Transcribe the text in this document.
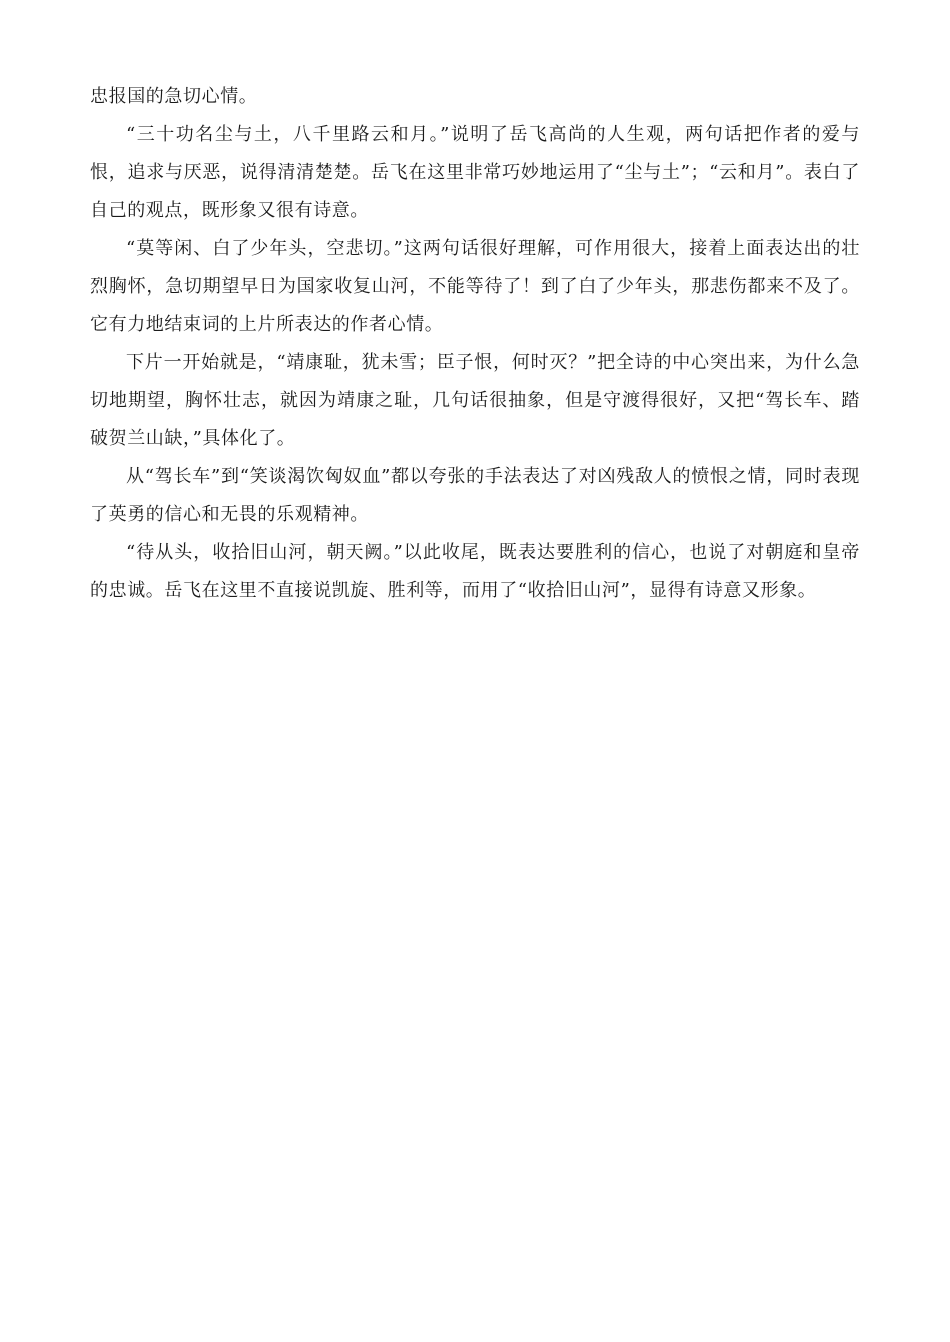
忠报国的急切心情。

“三十功名尘与土，八千里路云和月。”说明了岳飞高尚的人生观，两句话把作者的爱与恨，追求与厌恶，说得清清楚楚。岳飞在这里非常巧妙地运用了“尘与土”；“云和月”。表白了自己的观点，既形象又很有诗意。

“莫等闲、白了少年头，空悲切。”这两句话很好理解，可作用很大，接着上面表达出的壮烈胸怀，急切期望早日为国家收复山河，不能等待了！到了白了少年头，那悲伤都来不及了。它有力地结束词的上片所表达的作者心情。

下片一开始就是，“靖康耻，犹未雪；臣子恨，何时灭？”把全诗的中心突出来，为什么急切地期望，胸怀壮志，就因为靖康之耻，几句话很抽象，但是守渡得很好，又把“驾长车、踏破贺兰山缺，”具体化了。

从“驾长车”到“笑谈渴饮匈奴血”都以夸张的手法表达了对凶残敌人的愤恨之情，同时表现了英勇的信心和无畏的乐观精神。

“待从头，收拾旧山河，朝天阙。”以此收尾，既表达要胜利的信心，也说了对朝庭和皇帝的忠诚。岳飞在这里不直接说凯旋、胜利等，而用了“收拾旧山河”，显得有诗意又形象。
